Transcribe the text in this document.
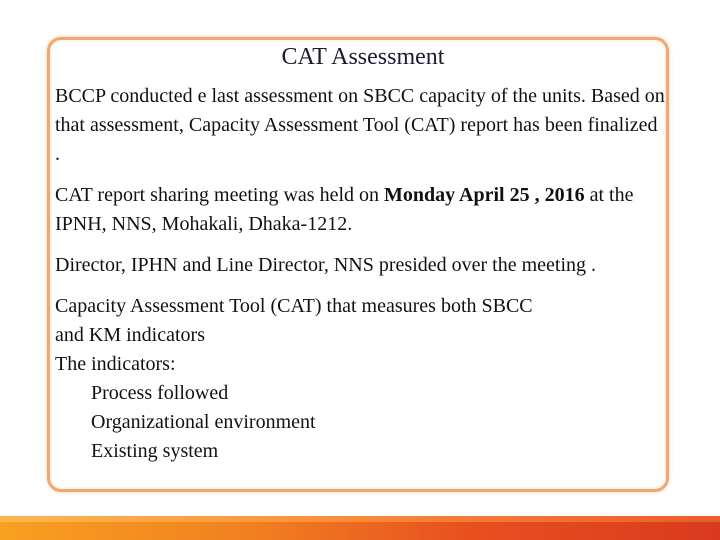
CAT Assessment

BCCP conducted e last assessment on SBCC capacity of the units. Based on that assessment, Capacity Assessment Tool (CAT) report has been finalized .

CAT report sharing meeting was held on Monday April 25 , 2016 at the IPNH, NNS, Mohakali, Dhaka-1212.

Director, IPHN and Line Director, NNS presided over the meeting .

Capacity Assessment Tool (CAT) that measures both SBCC
and KM indicators
The indicators:
Process followed
Organizational environment
Existing system
